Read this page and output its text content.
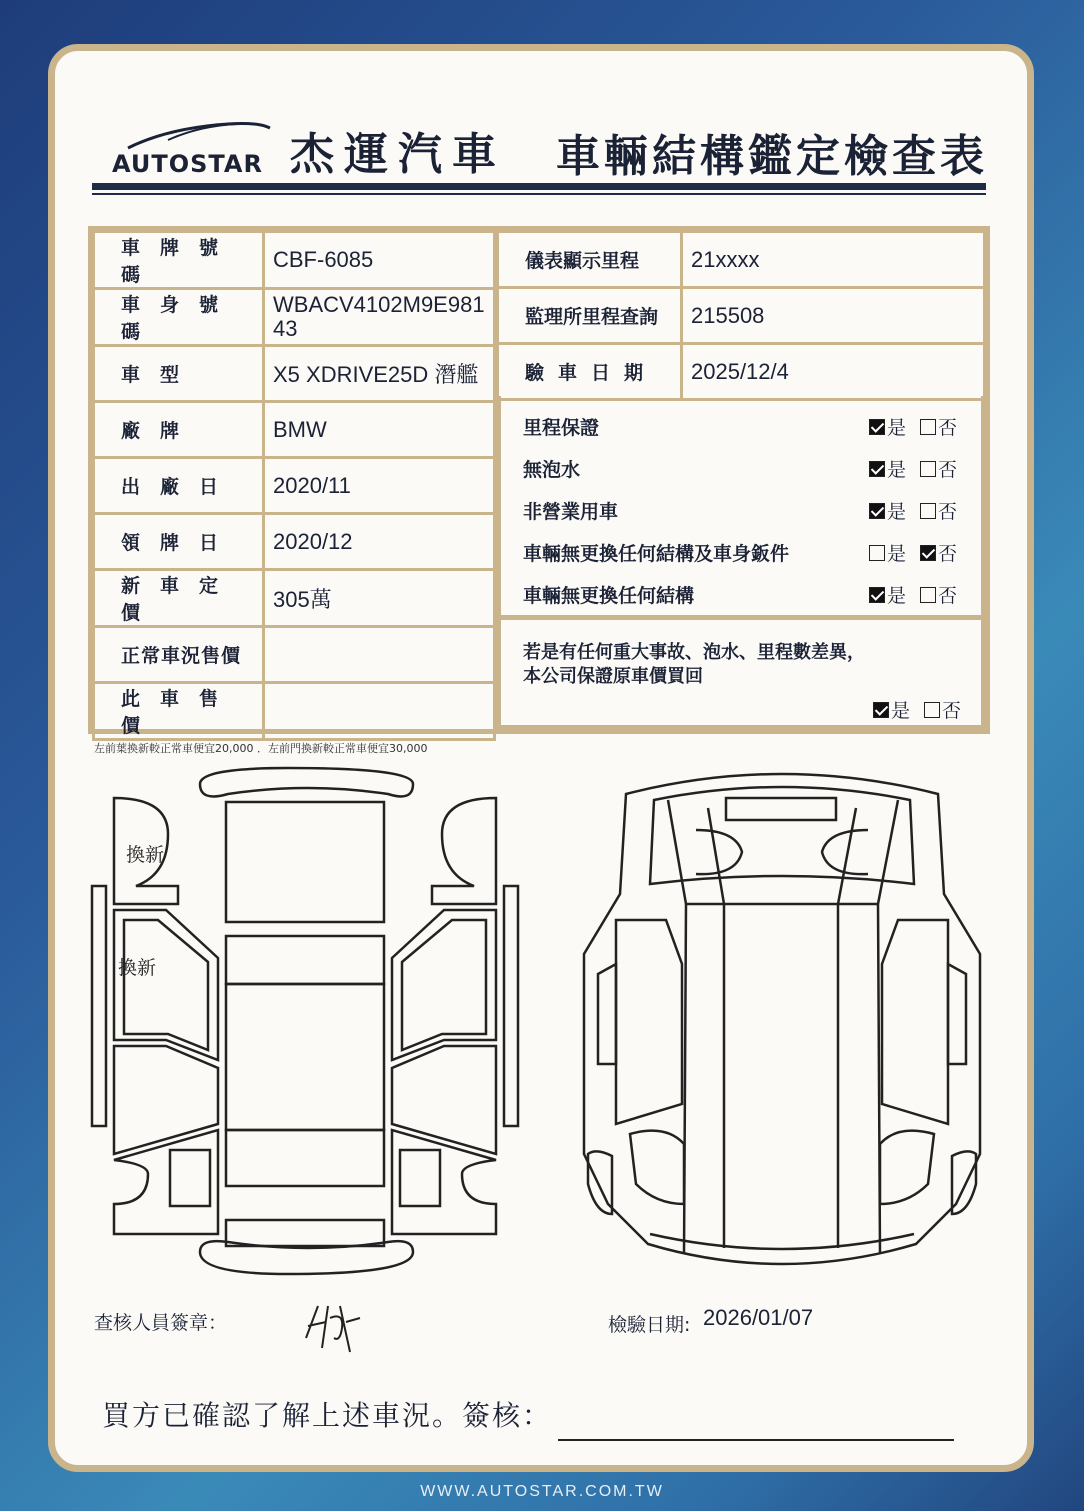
AUTOSTAR 杰運汽車 車輛結構鑑定檢查表
車牌號碼	CBF-6085
車身號碼	WBACV4102M9E98143
車型	X5 XDRIVE25D 潛艦
廠牌	BMW
出廠日	2020/11
領牌日	2020/12
新車定價	305萬
正常車況售價	
此車售價	
儀表顯示里程	21xxxx
監理所里程查詢	215508
驗車日期	2025/12/4
里程保證	是 否
無泡水	是 否
非營業用車	是 否
車輛無更換任何結構及車身鈑件	是 否
車輛無更換任何結構	是 否
若是有任何重大事故、泡水、里程數差異，
本公司保證原車價買回
是 否
左前葉換新較正常車便宜20,000 ．左前門換新較正常車便宜30,000
換新
換新
查核人員簽章：	檢驗日期: 2026/01/07
買方已確認了解上述車況。簽核：
WWW.AUTOSTAR.COM.TW
